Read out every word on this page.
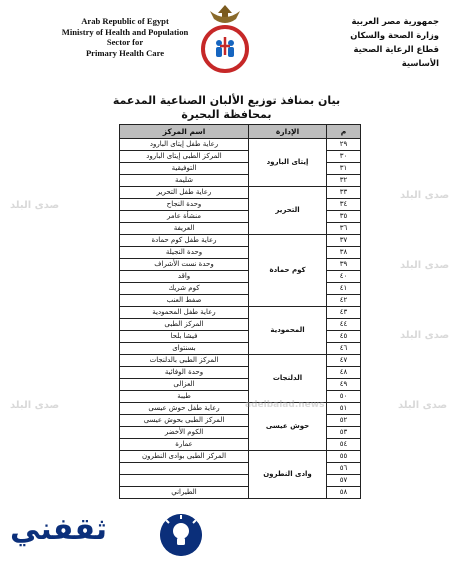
Arab Republic of Egypt
Ministry of Health and Population
Sector for
Primary Health Care
جمهورية مصر العربية
وزارة الصحة والسكان
قطاع الرعاية الصحية الأساسية
بيان بمنافذ توزيع الألبان الصناعية المدعمة
بمحافظة البحيرة
اسم المركز	الإدارة	م
رعاية طفل إيتاى البارود	إيتاى البارود	٢٩
المركز الطبى إيتاى البارود		٣٠
التوفيقية		٣١
شليمة		٣٢
رعاية طفل التحرير	التحرير	٣٣
وحدة النجاح		٣٤
منشأة عامر		٣٥
العريفة		٣٦
رعاية طفل كوم حمادة	كوم حمادة	٣٧
وحدة النجيلة		٣٨
وحدة نست الأشراف		٣٩
واقد		٤٠
كوم شريك		٤١
صفط العنب		٤٢
رعاية طفل المحمودية	المحمودية	٤٣
المركز الطبى		٤٤
فيشا بلحا		٤٥
بسنتواى		٤٦
المركز الطبى بالدلنجات	الدلنجات	٤٧
وحدة الوفائية		٤٨
العزالى		٤٩
طيبة		٥٠
رعاية طفل حوش عيسى	حوش عيسى	٥١
المركز الطبى بحوش عيسى		٥٢
الكوم الأخضر		٥٣
عمارة		٥٤
المركز الطبى بوادى النطرون	وادى النطرون	٥٥
		٥٦
		٥٧
الطيراني		٥٨
صدى البلد
صدى البلد
صدى البلد
صدى البلد
صدى البلد
صدى البلد
adelbalad.news
ثقفني
